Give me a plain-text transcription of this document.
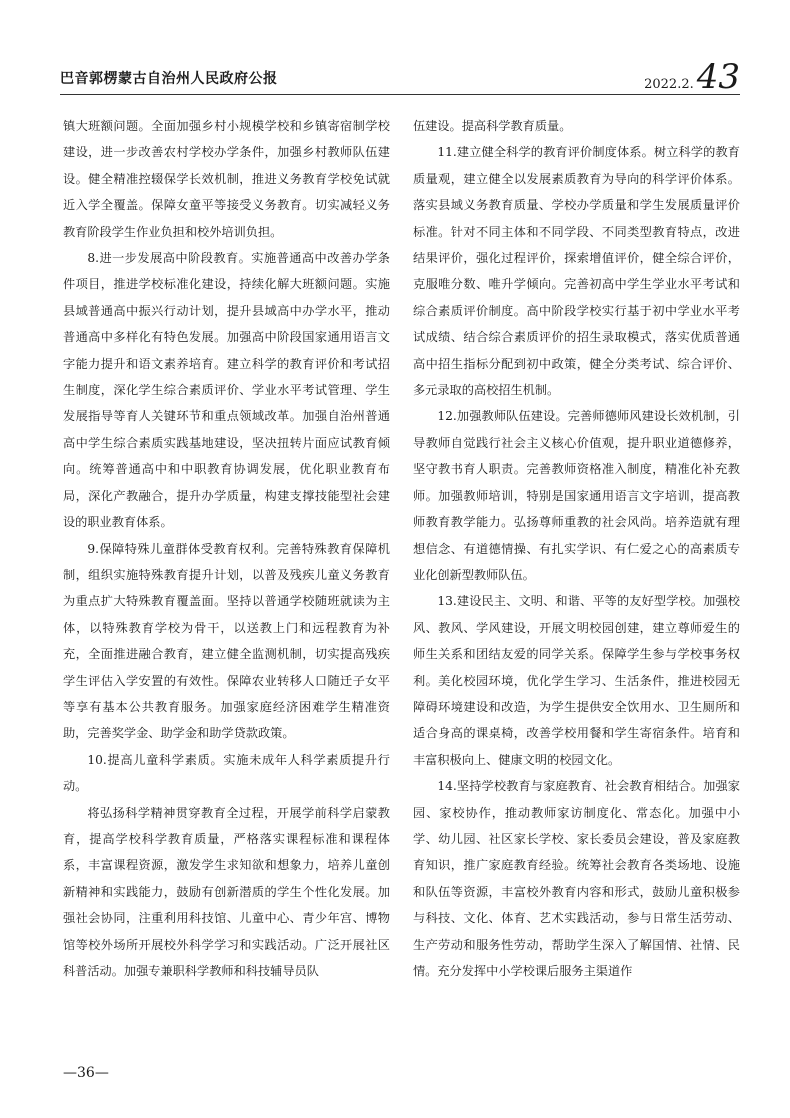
巴音郭楞蒙古自治州人民政府公报	2022.2.43

镇大班额问题。全面加强乡村小规模学校和乡镇寄宿制学校建设，进一步改善农村学校办学条件，加强乡村教师队伍建设。健全精准控辍保学长效机制，推进义务教育学校免试就近入学全覆盖。保障女童平等接受义务教育。切实减轻义务教育阶段学生作业负担和校外培训负担。

8.进一步发展高中阶段教育。实施普通高中改善办学条件项目，推进学校标准化建设，持续化解大班额问题。实施县域普通高中振兴行动计划，提升县域高中办学水平，推动普通高中多样化有特色发展。加强高中阶段国家通用语言文字能力提升和语文素养培育。建立科学的教育评价和考试招生制度，深化学生综合素质评价、学业水平考试管理、学生发展指导等育人关键环节和重点领域改革。加强自治州普通高中学生综合素质实践基地建设，坚决扭转片面应试教育倾向。统筹普通高中和中职教育协调发展，优化职业教育布局，深化产教融合，提升办学质量，构建支撑技能型社会建设的职业教育体系。

9.保障特殊儿童群体受教育权利。完善特殊教育保障机制，组织实施特殊教育提升计划，以普及残疾儿童义务教育为重点扩大特殊教育覆盖面。坚持以普通学校随班就读为主体，以特殊教育学校为骨干，以送教上门和远程教育为补充，全面推进融合教育，建立健全监测机制，切实提高残疾学生评估入学安置的有效性。保障农业转移人口随迁子女平等享有基本公共教育服务。加强家庭经济困难学生精准资助，完善奖学金、助学金和助学贷款政策。

10.提高儿童科学素质。实施未成年人科学素质提升行动。

将弘扬科学精神贯穿教育全过程，开展学前科学启蒙教育，提高学校科学教育质量，严格落实课程标准和课程体系，丰富课程资源，激发学生求知欲和想象力，培养儿童创新精神和实践能力，鼓励有创新潜质的学生个性化发展。加强社会协同，注重利用科技馆、儿童中心、青少年宫、博物馆等校外场所开展校外科学学习和实践活动。广泛开展社区科普活动。加强专兼职科学教师和科技辅导员队

伍建设。提高科学教育质量。

11.建立健全科学的教育评价制度体系。树立科学的教育质量观，建立健全以发展素质教育为导向的科学评价体系。落实县域义务教育质量、学校办学质量和学生发展质量评价标准。针对不同主体和不同学段、不同类型教育特点，改进结果评价，强化过程评价，探索增值评价，健全综合评价，克服唯分数、唯升学倾向。完善初高中学生学业水平考试和综合素质评价制度。高中阶段学校实行基于初中学业水平考试成绩、结合综合素质评价的招生录取模式，落实优质普通高中招生指标分配到初中政策，健全分类考试、综合评价、多元录取的高校招生机制。

12.加强教师队伍建设。完善师德师风建设长效机制，引导教师自觉践行社会主义核心价值观，提升职业道德修养，坚守教书育人职责。完善教师资格准入制度，精准化补充教师。加强教师培训，特别是国家通用语言文字培训，提高教师教育教学能力。弘扬尊师重教的社会风尚。培养造就有理想信念、有道德情操、有扎实学识、有仁爱之心的高素质专业化创新型教师队伍。

13.建设民主、文明、和谐、平等的友好型学校。加强校风、教风、学风建设，开展文明校园创建，建立尊师爱生的师生关系和团结友爱的同学关系。保障学生参与学校事务权利。美化校园环境，优化学生学习、生活条件，推进校园无障碍环境建设和改造，为学生提供安全饮用水、卫生厕所和适合身高的课桌椅，改善学校用餐和学生寄宿条件。培育和丰富积极向上、健康文明的校园文化。

14.坚持学校教育与家庭教育、社会教育相结合。加强家园、家校协作，推动教师家访制度化、常态化。加强中小学、幼儿园、社区家长学校、家长委员会建设，普及家庭教育知识，推广家庭教育经验。统筹社会教育各类场地、设施和队伍等资源，丰富校外教育内容和形式，鼓励儿童积极参与科技、文化、体育、艺术实践活动，参与日常生活劳动、生产劳动和服务性劳动，帮助学生深入了解国情、社情、民情。充分发挥中小学校课后服务主渠道作

—36—
